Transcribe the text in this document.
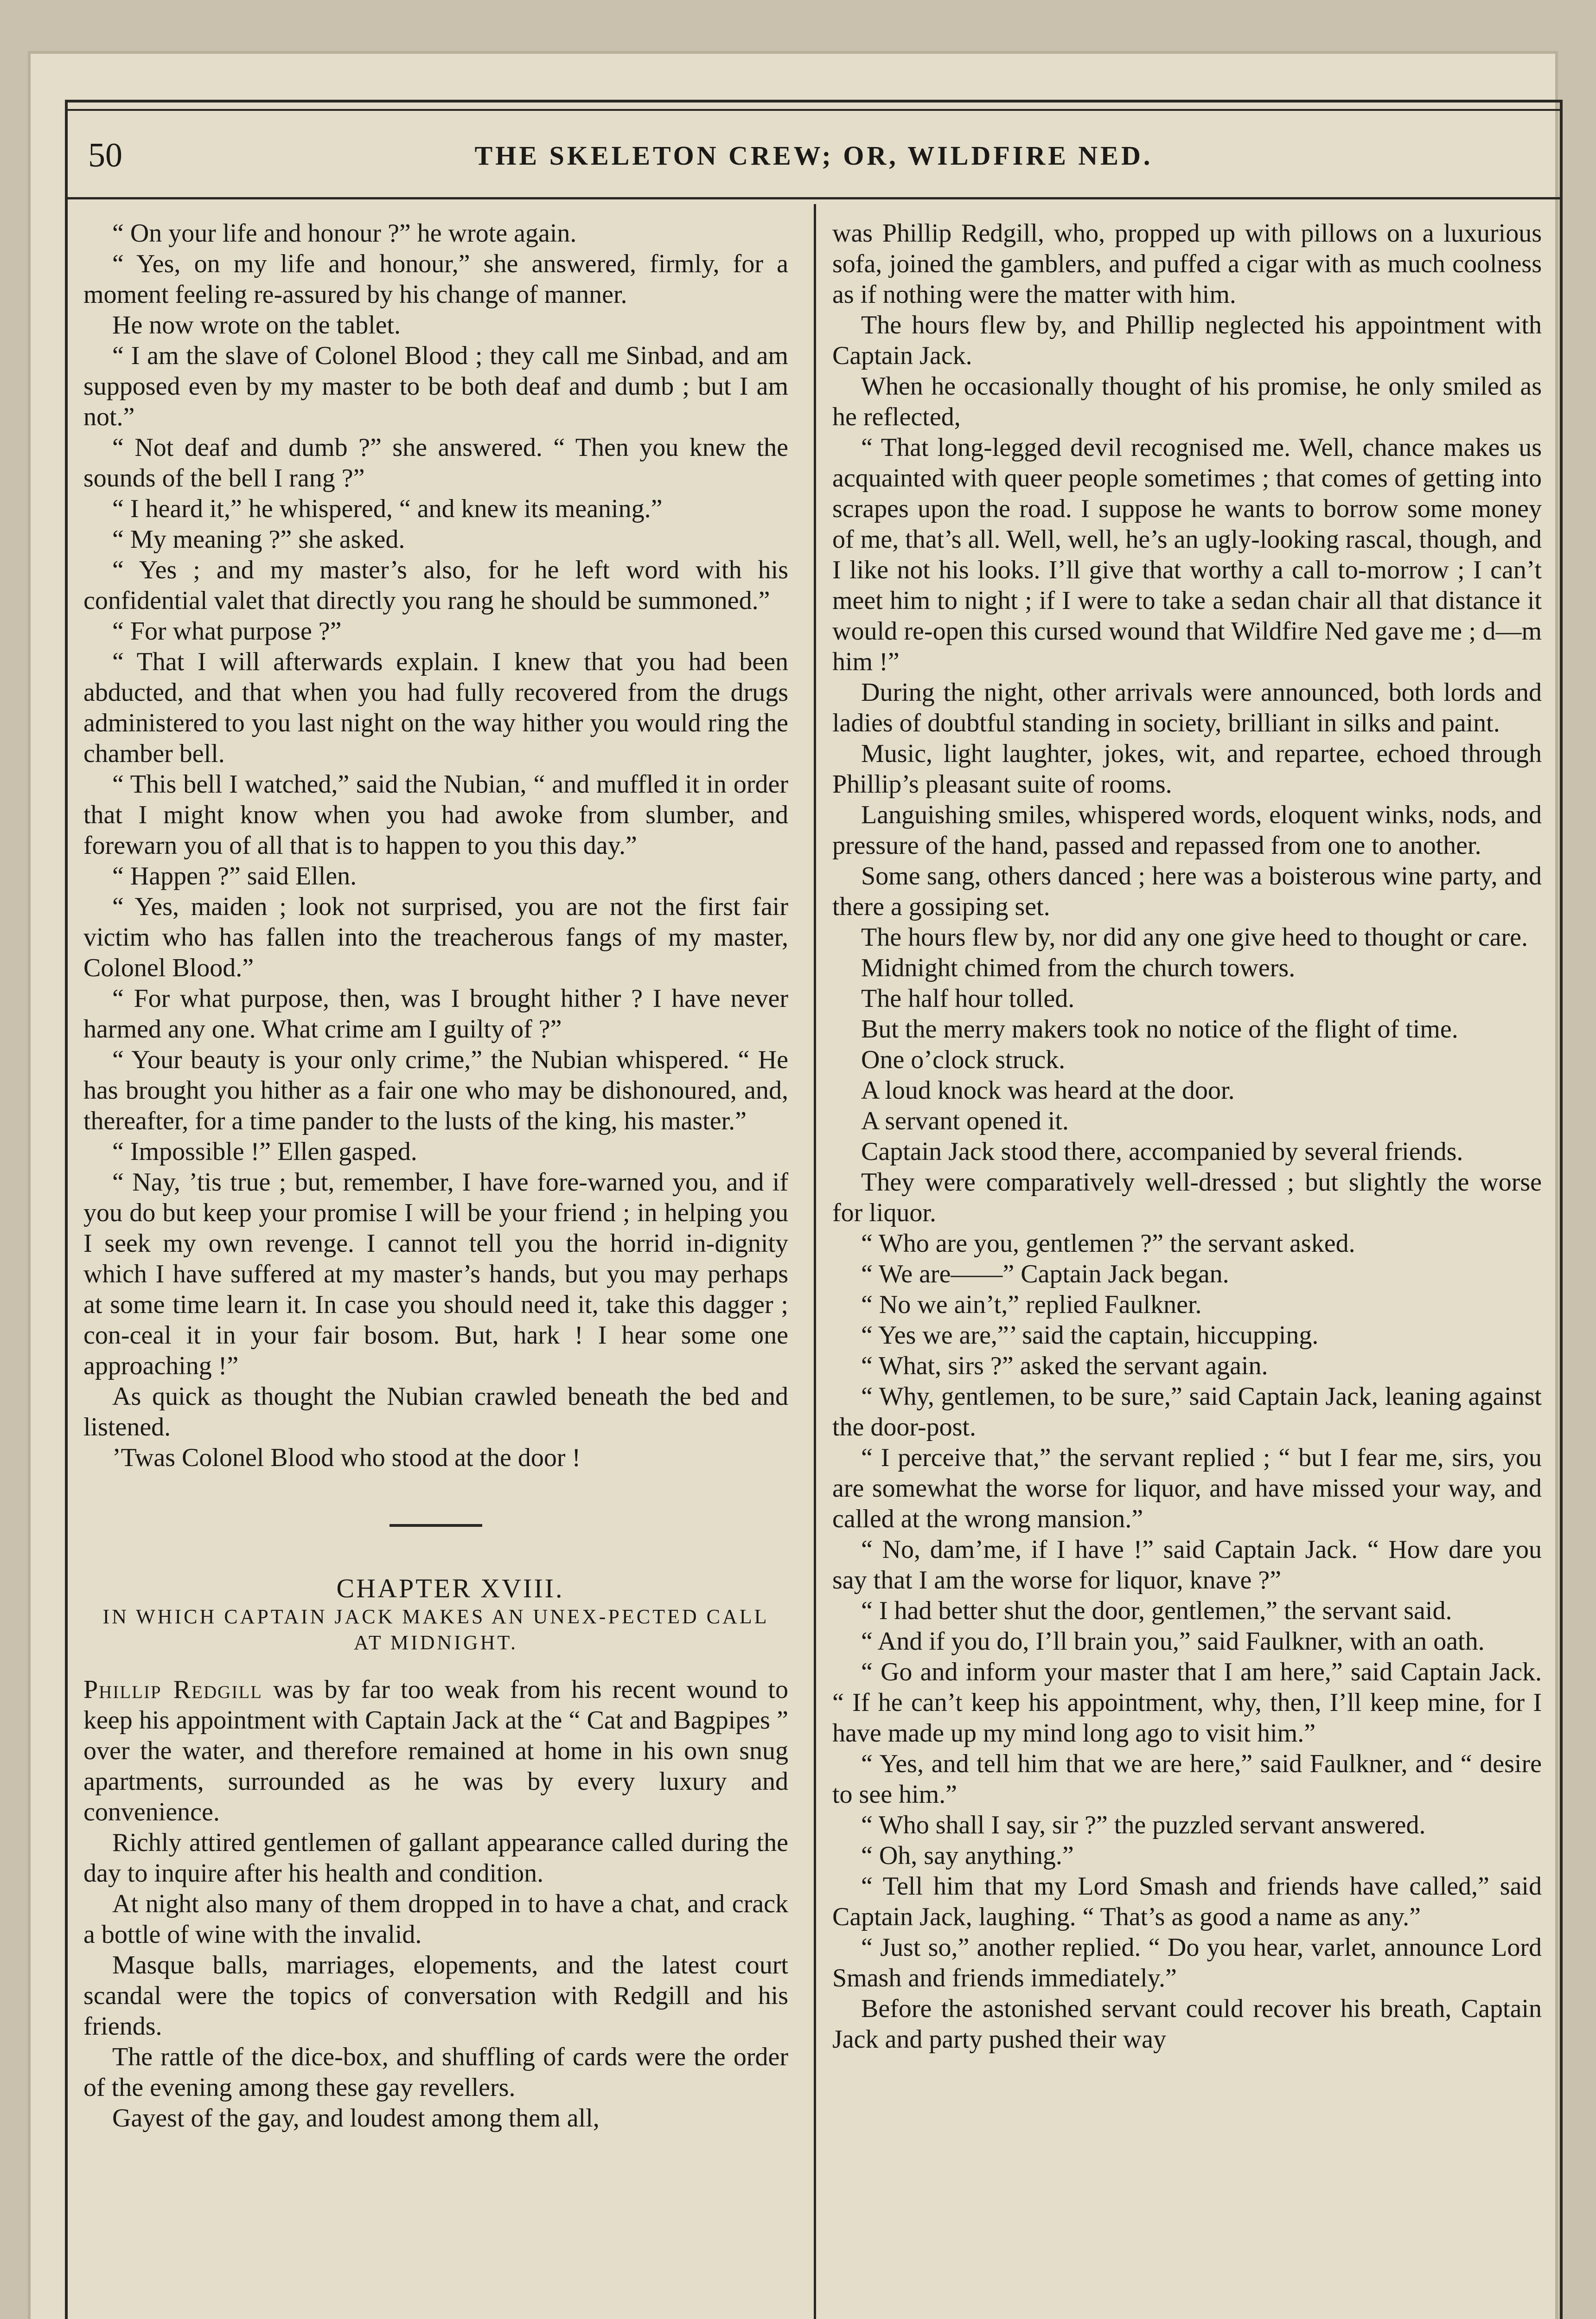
50	THE SKELETON CREW; OR, WILDFIRE NED.

“ On your life and honour ?” he wrote again.

“ Yes, on my life and honour,” she answered, firmly, for a moment feeling re-assured by his change of manner.

He now wrote on the tablet.

“ I am the slave of Colonel Blood ; they call me Sinbad, and am supposed even by my master to be both deaf and dumb ; but I am not.”

“ Not deaf and dumb ?” she answered. “ Then you knew the sounds of the bell I rang ?”

“ I heard it,” he whispered, “ and knew its meaning.”

“ My meaning ?” she asked.

“ Yes ; and my master’s also, for he left word with his confidential valet that directly you rang he should be summoned.”

“ For what purpose ?”

“ That I will afterwards explain. I knew that you had been abducted, and that when you had fully recovered from the drugs administered to you last night on the way hither you would ring the chamber bell.

“ This bell I watched,” said the Nubian, “ and muffled it in order that I might know when you had awoke from slumber, and forewarn you of all that is to happen to you this day.”

“ Happen ?” said Ellen.

“ Yes, maiden ; look not surprised, you are not the first fair victim who has fallen into the treacherous fangs of my master, Colonel Blood.”

“ For what purpose, then, was I brought hither ? I have never harmed any one. What crime am I guilty of ?”

“ Your beauty is your only crime,” the Nubian whispered. “ He has brought you hither as a fair one who may be dishonoured, and, thereafter, for a time pander to the lusts of the king, his master.”

“ Impossible !” Ellen gasped.

“ Nay, ’tis true ; but, remember, I have fore-warned you, and if you do but keep your promise I will be your friend ; in helping you I seek my own revenge. I cannot tell you the horrid in-dignity which I have suffered at my master’s hands, but you may perhaps at some time learn it. In case you should need it, take this dagger ; con-ceal it in your fair bosom. But, hark ! I hear some one approaching !”

As quick as thought the Nubian crawled beneath the bed and listened.

’Twas Colonel Blood who stood at the door !

CHAPTER XVIII.

IN WHICH CAPTAIN JACK MAKES AN UNEX-PECTED CALL AT MIDNIGHT.

Phillip Redgill was by far too weak from his recent wound to keep his appointment with Captain Jack at the “ Cat and Bagpipes ” over the water, and therefore remained at home in his own snug apartments, surrounded as he was by every luxury and convenience.

Richly attired gentlemen of gallant appearance called during the day to inquire after his health and condition.

At night also many of them dropped in to have a chat, and crack a bottle of wine with the invalid.

Masque balls, marriages, elopements, and the latest court scandal were the topics of conversation with Redgill and his friends.

The rattle of the dice-box, and shuffling of cards were the order of the evening among these gay revellers.

Gayest of the gay, and loudest among them all,

was Phillip Redgill, who, propped up with pillows on a luxurious sofa, joined the gamblers, and puffed a cigar with as much coolness as if nothing were the matter with him.

The hours flew by, and Phillip neglected his appointment with Captain Jack.

When he occasionally thought of his promise, he only smiled as he reflected,

“ That long-legged devil recognised me. Well, chance makes us acquainted with queer people sometimes ; that comes of getting into scrapes upon the road. I suppose he wants to borrow some money of me, that’s all. Well, well, he’s an ugly-looking rascal, though, and I like not his looks. I’ll give that worthy a call to-morrow ; I can’t meet him to night ; if I were to take a sedan chair all that distance it would re-open this cursed wound that Wildfire Ned gave me ; d—m him !”

During the night, other arrivals were announced, both lords and ladies of doubtful standing in society, brilliant in silks and paint.

Music, light laughter, jokes, wit, and repartee, echoed through Phillip’s pleasant suite of rooms.

Languishing smiles, whispered words, eloquent winks, nods, and pressure of the hand, passed and repassed from one to another.

Some sang, others danced ; here was a boisterous wine party, and there a gossiping set.

The hours flew by, nor did any one give heed to thought or care.

Midnight chimed from the church towers.

The half hour tolled.

But the merry makers took no notice of the flight of time.

One o’clock struck.

A loud knock was heard at the door.

A servant opened it.

Captain Jack stood there, accompanied by several friends.

They were comparatively well-dressed ; but slightly the worse for liquor.

“ Who are you, gentlemen ?” the servant asked.

“ We are——” Captain Jack began.

“ No we ain’t,” replied Faulkner.

“ Yes we are,”’ said the captain, hiccupping.

“ What, sirs ?” asked the servant again.

“ Why, gentlemen, to be sure,” said Captain Jack, leaning against the door-post.

“ I perceive that,” the servant replied ; “ but I fear me, sirs, you are somewhat the worse for liquor, and have missed your way, and called at the wrong mansion.”

“ No, dam’me, if I have !” said Captain Jack. “ How dare you say that I am the worse for liquor, knave ?”

“ I had better shut the door, gentlemen,” the servant said.

“ And if you do, I’ll brain you,” said Faulkner, with an oath.

“ Go and inform your master that I am here,” said Captain Jack. “ If he can’t keep his appointment, why, then, I’ll keep mine, for I have made up my mind long ago to visit him.”

“ Yes, and tell him that we are here,” said Faulkner, and “ desire to see him.”

“ Who shall I say, sir ?” the puzzled servant answered.

“ Oh, say anything.”

“ Tell him that my Lord Smash and friends have called,” said Captain Jack, laughing. “ That’s as good a name as any.”

“ Just so,” another replied. “ Do you hear, varlet, announce Lord Smash and friends immediately.”

Before the astonished servant could recover his breath, Captain Jack and party pushed their way
